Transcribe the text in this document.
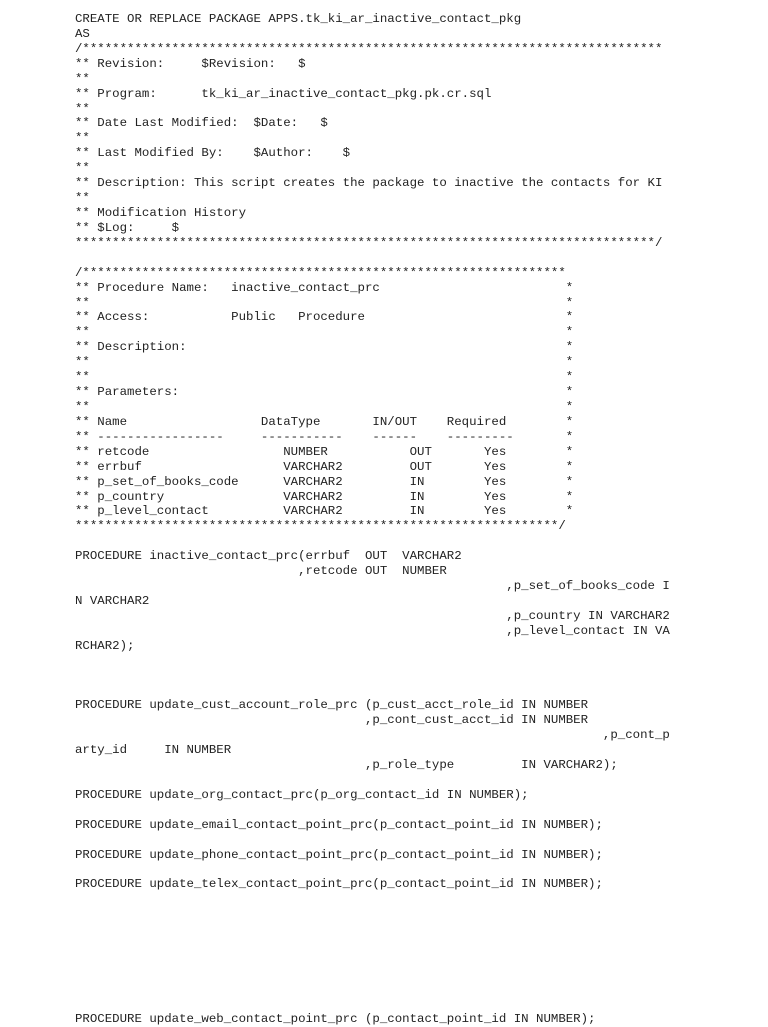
CREATE OR REPLACE PACKAGE APPS.tk_ki_ar_inactive_contact_pkg
AS
/******************************************************************************
** Revision:     $Revision:   $
**
** Program:      tk_ki_ar_inactive_contact_pkg.pk.cr.sql
**
** Date Last Modified:  $Date:   $
**
** Last Modified By:    $Author:    $
**
** Description: This script creates the package to inactive the contacts for KI
**
** Modification History
** $Log:     $
******************************************************************************/

/*****************************************************************
** Procedure Name:   inactive_contact_prc                         *
**                                                                *
** Access:           Public   Procedure                           *
**                                                                *
** Description:                                                   *
**                                                                *
**                                                                *
** Parameters:                                                    *
**                                                                *
** Name                  DataType       IN/OUT    Required        *
** -----------------     -----------    ------    ---------       *
** retcode                  NUMBER           OUT       Yes        *
** errbuf                   VARCHAR2         OUT       Yes        *
** p_set_of_books_code      VARCHAR2         IN        Yes        *
** p_country                VARCHAR2         IN        Yes        *
** p_level_contact          VARCHAR2         IN        Yes        *
*****************************************************************/

PROCEDURE inactive_contact_prc(errbuf  OUT  VARCHAR2
,retcode OUT  NUMBER
,p_set_of_books_code I
N VARCHAR2
,p_country IN VARCHAR2
,p_level_contact IN VA
RCHAR2);

PROCEDURE update_cust_account_role_prc (p_cust_acct_role_id IN NUMBER
,p_cont_cust_acct_id IN NUMBER
,p_cont_p
arty_id     IN NUMBER
,p_role_type         IN VARCHAR2);

PROCEDURE update_org_contact_prc(p_org_contact_id IN NUMBER);

PROCEDURE update_email_contact_point_prc(p_contact_point_id IN NUMBER);

PROCEDURE update_phone_contact_point_prc(p_contact_point_id IN NUMBER);

PROCEDURE update_telex_contact_point_prc(p_contact_point_id IN NUMBER);

PROCEDURE update_web_contact_point_prc (p_contact_point_id IN NUMBER);
